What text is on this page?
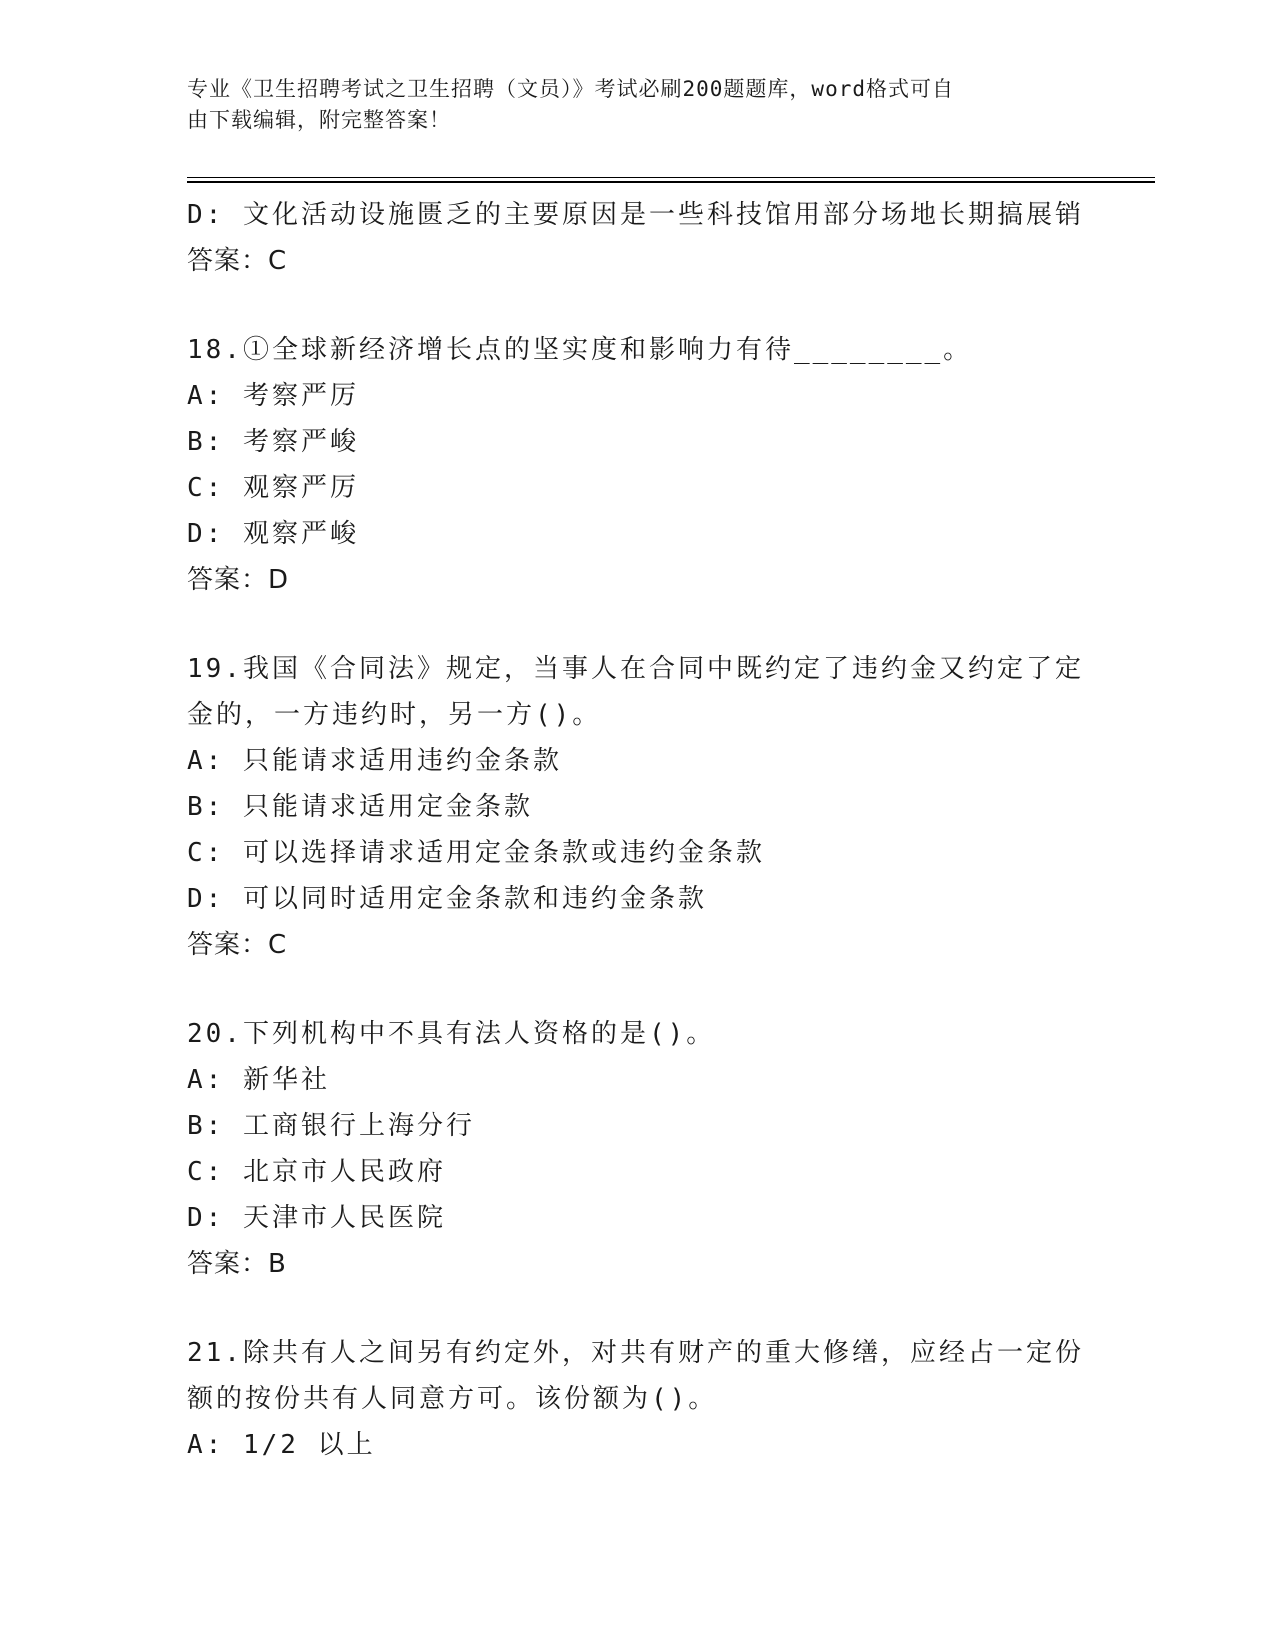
专业《卫生招聘考试之卫生招聘（文员）》考试必刷200题题库，word格式可自
由下载编辑，附完整答案！
D: 文化活动设施匮乏的主要原因是一些科技馆用部分场地长期搞展销
答案：C
18.①全球新经济增长点的坚实度和影响力有待________。
A: 考察严厉
B: 考察严峻
C: 观察严厉
D: 观察严峻
答案：D
19.我国《合同法》规定，当事人在合同中既约定了违约金又约定了定
金的，一方违约时，另一方()。
A: 只能请求适用违约金条款
B: 只能请求适用定金条款
C: 可以选择请求适用定金条款或违约金条款
D: 可以同时适用定金条款和违约金条款
答案：C
20.下列机构中不具有法人资格的是()。
A: 新华社
B: 工商银行上海分行
C: 北京市人民政府
D: 天津市人民医院
答案：B
21.除共有人之间另有约定外，对共有财产的重大修缮，应经占一定份
额的按份共有人同意方可。该份额为()。
A: 1/2 以上
